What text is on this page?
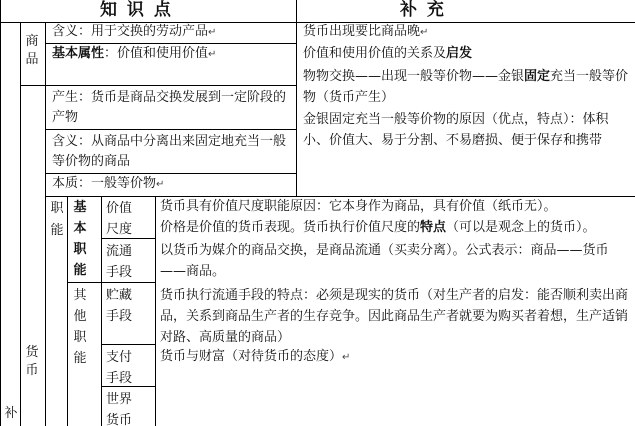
知 识 点	补 充
商品
货币
补
含义：用于交换的劳动产品↵
基本属性：价值和使用价值↵
产生：货币是商品交换发展到一定阶段的产物
含义：从商品中分离出来固定地充当一般等价物的商品
本质：一般等价物↵
职能
基本职能
其他职能
价值尺度
流通手段
贮藏手段
支付手段
世界货币
货币出现要比商品晚↵
价值和使用价值的关系及启发
物物交换——出现一般等价物——金银固定充当一般等价物（货币产生）
金银固定充当一般等价物的原因（优点，特点）：体积小、价值大、易于分割、不易磨损、便于保存和携带
货币具有价值尺度职能原因：它本身作为商品，具有价值（纸币无）。
价格是价值的货币表现。货币执行价值尺度的特点（可以是观念上的货币）。
以货币为媒介的商品交换，是商品流通（买卖分离）。公式表示：商品——货币——商品。
货币执行流通手段的特点：必须是现实的货币（对生产者的启发：能否顺利卖出商品，关系到商品生产者的生存竞争。因此商品生产者就要为购买者着想，生产适销对路、高质量的商品）
货币与财富（对待货币的态度）↵
